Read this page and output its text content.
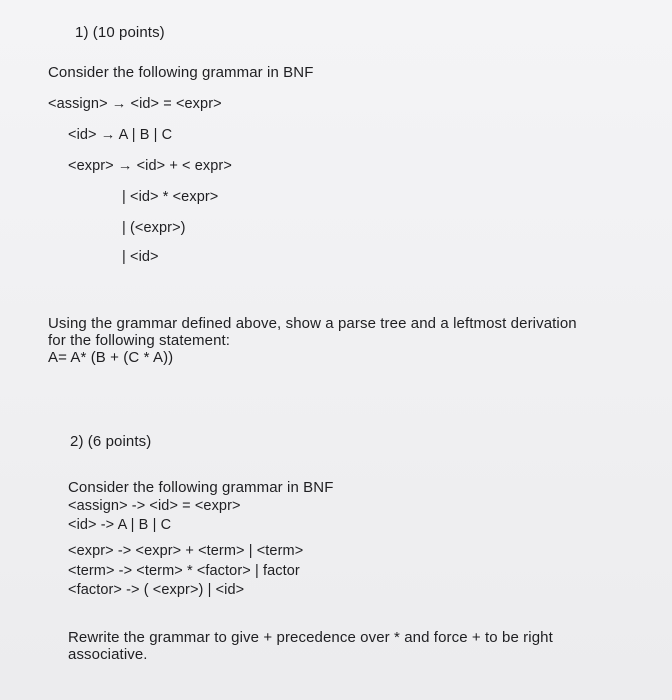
1) (10 points)
Consider the following grammar in BNF
<assign> → <id> = <expr>
<id> → A | B | C
<expr> → <id> + < expr>
| <id> * <expr>
| (<expr>)
| <id>
Using the grammar defined above, show a parse tree and a leftmost derivation
for the following statement:
A= A* (B + (C * A))
2) (6 points)
Consider the following grammar in BNF
<assign> -> <id> = <expr>
<id> -> A | B | C
<expr> -> <expr> + <term> | <term>
<term> -> <term> * <factor> | factor
<factor> -> ( <expr>) | <id>
Rewrite the grammar to give + precedence over * and force + to be right
associative.
